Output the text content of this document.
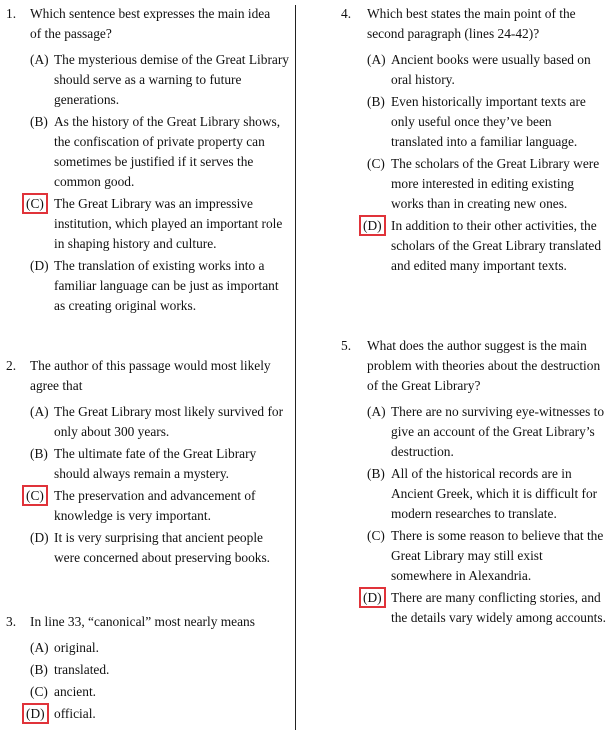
1. Which sentence best expresses the main idea of the passage?
(A) The mysterious demise of the Great Library should serve as a warning to future generations.
(B) As the history of the Great Library shows, the confiscation of private property can sometimes be justified if it serves the common good.
(C) The Great Library was an impressive institution, which played an important role in shaping history and culture.
(D) The translation of existing works into a familiar language can be just as important as creating original works.
2. The author of this passage would most likely agree that
(A) The Great Library most likely survived for only about 300 years.
(B) The ultimate fate of the Great Library should always remain a mystery.
(C) The preservation and advancement of knowledge is very important.
(D) It is very surprising that ancient people were concerned about preserving books.
3. In line 33, “canonical” most nearly means
(A) original.
(B) translated.
(C) ancient.
(D) official.
4. Which best states the main point of the second paragraph (lines 24-42)?
(A) Ancient books were usually based on oral history.
(B) Even historically important texts are only useful once they’ve been translated into a familiar language.
(C) The scholars of the Great Library were more interested in editing existing works than in creating new ones.
(D) In addition to their other activities, the scholars of the Great Library translated and edited many important texts.
5. What does the author suggest is the main problem with theories about the destruction of the Great Library?
(A) There are no surviving eye-witnesses to give an account of the Great Library’s destruction.
(B) All of the historical records are in Ancient Greek, which it is difficult for modern researches to translate.
(C) There is some reason to believe that the Great Library may still exist somewhere in Alexandria.
(D) There are many conflicting stories, and the details vary widely among accounts.
